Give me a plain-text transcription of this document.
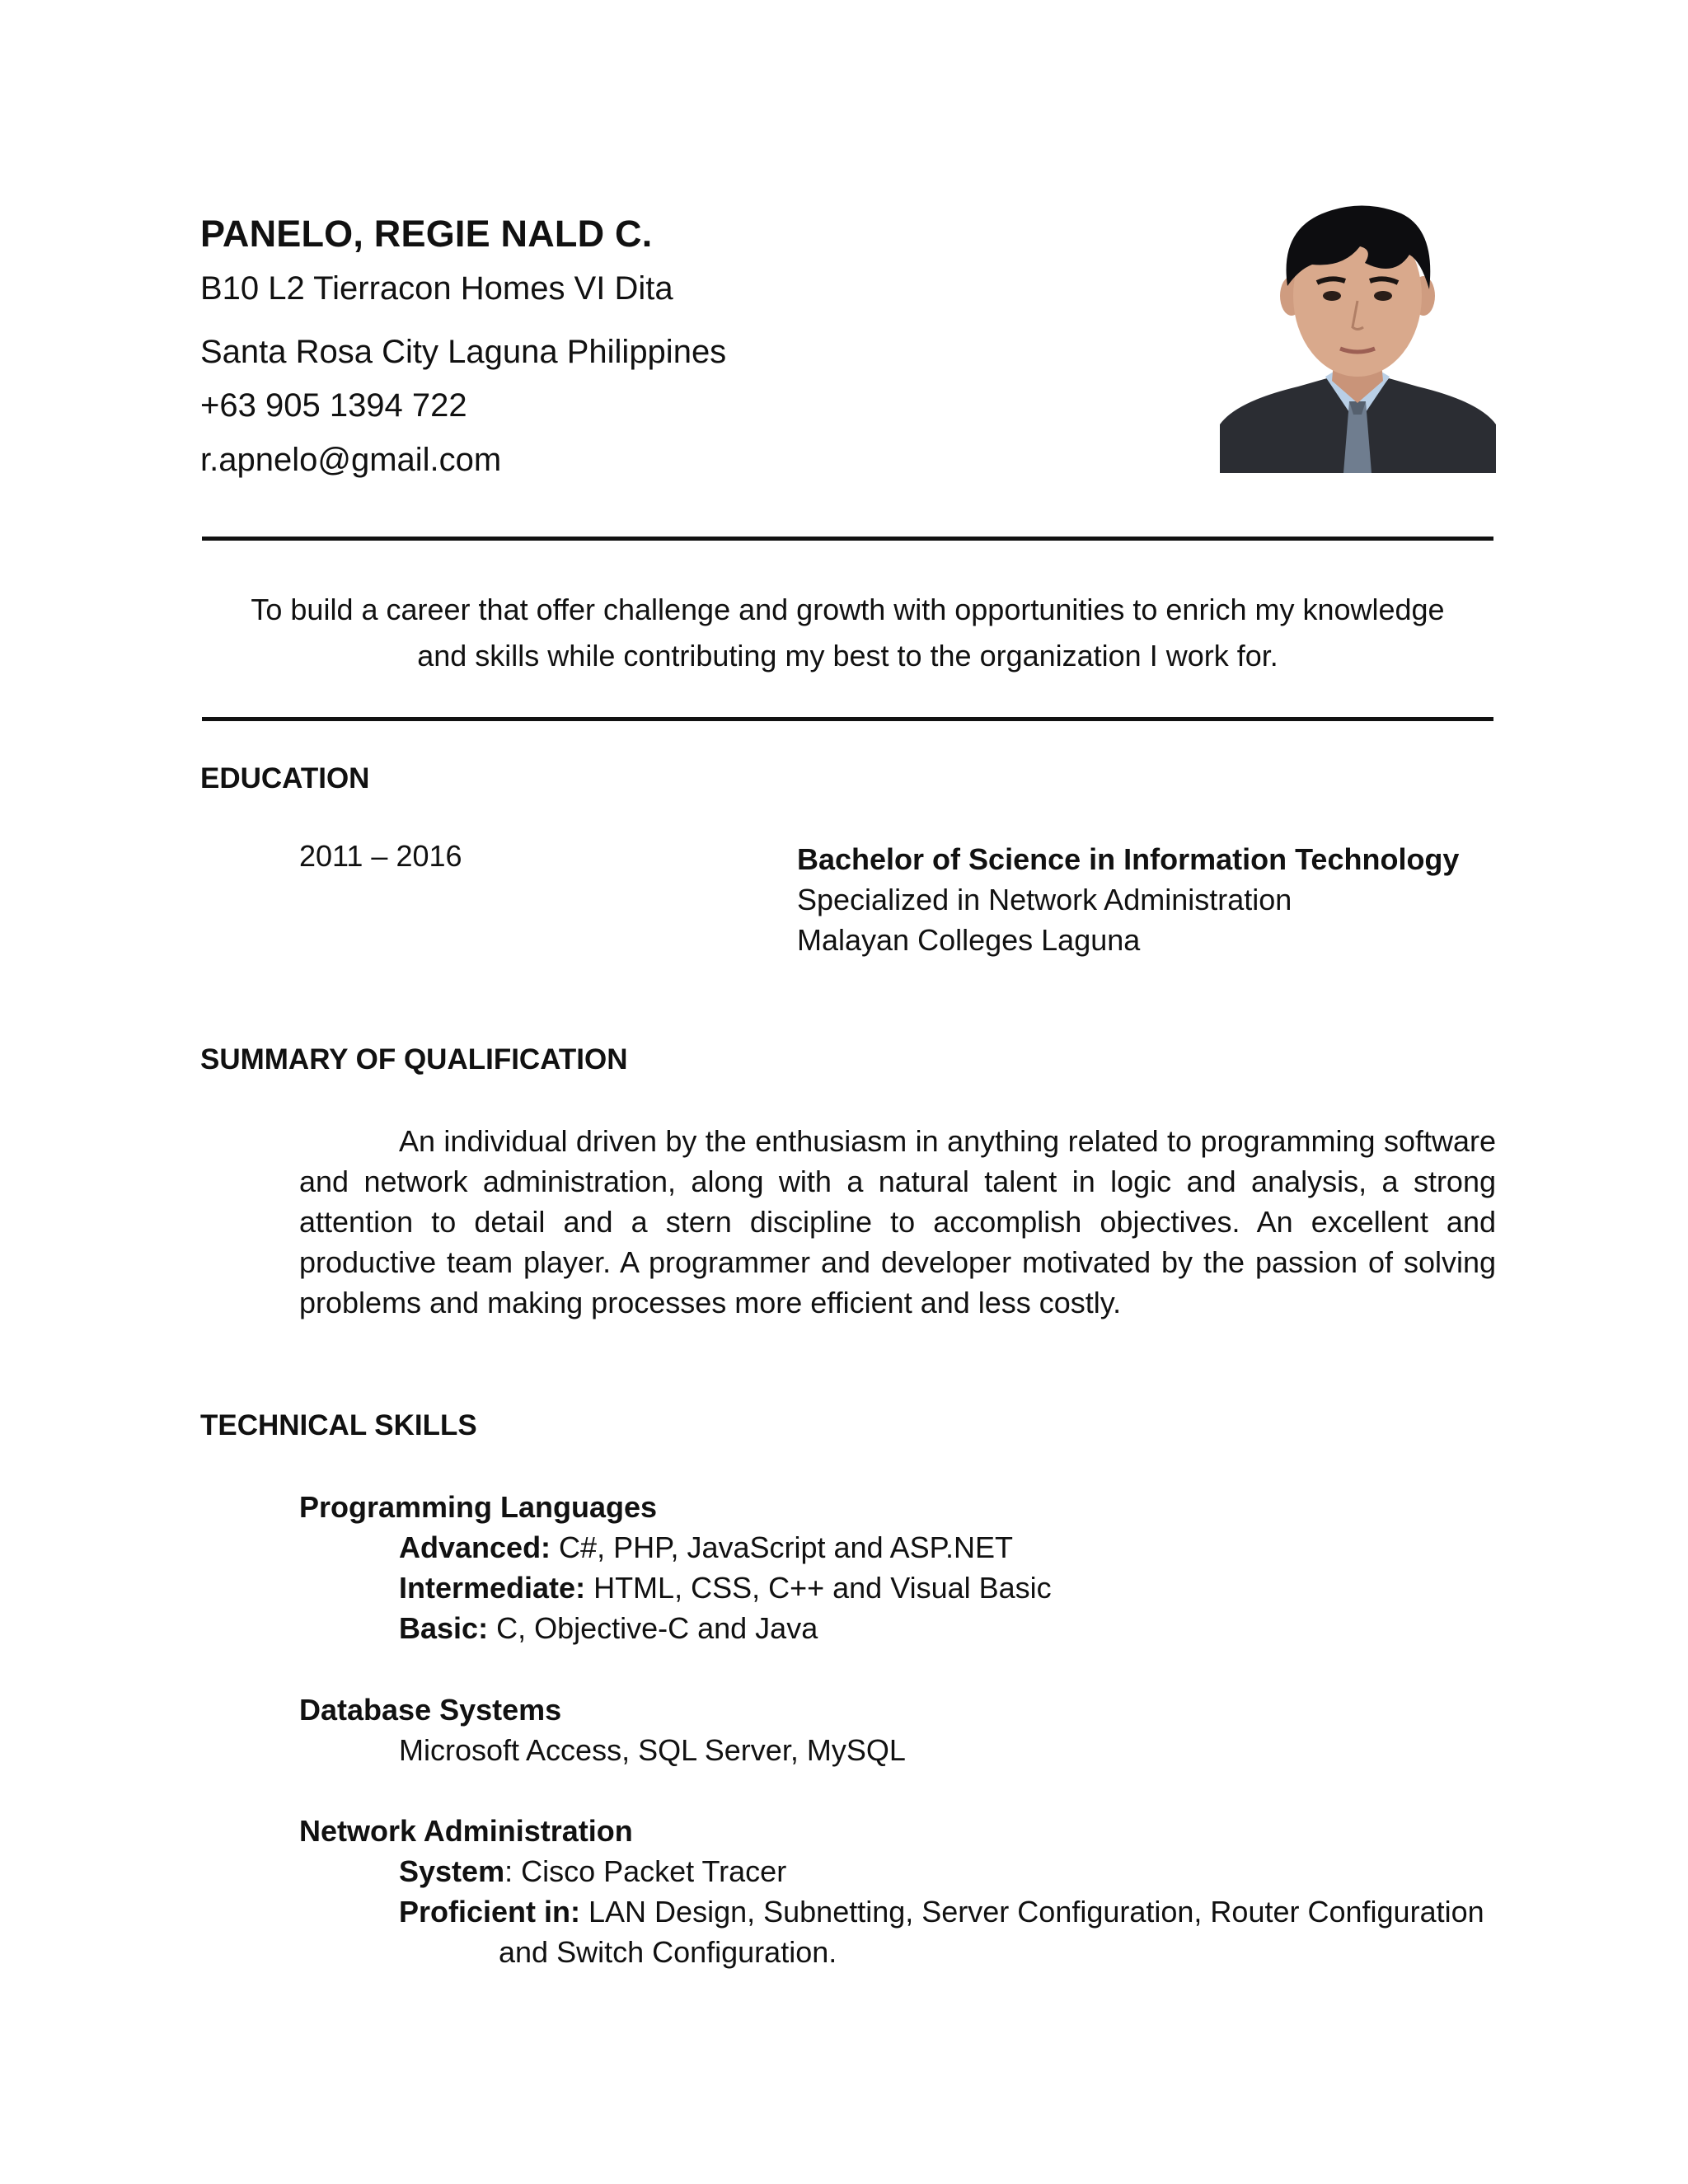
PANELO, REGIE NALD C.
B10 L2 Tierracon Homes VI Dita
Santa Rosa City Laguna Philippines
+63 905 1394 722
r.apnelo@gmail.com
To build a career that offer challenge and growth with opportunities to enrich my knowledge
and skills while contributing my best to the organization I work for.
EDUCATION
2011 – 2016	Bachelor of Science in Information Technology
Specialized in Network Administration
Malayan Colleges Laguna
SUMMARY OF QUALIFICATION
An individual driven by the enthusiasm in anything related to programming software and network administration, along with a natural talent in logic and analysis, a strong attention to detail and a stern discipline to accomplish objectives. An excellent and productive team player. A programmer and developer motivated by the passion of solving problems and making processes more efficient and less costly.
TECHNICAL SKILLS
Programming Languages
Advanced: C#, PHP, JavaScript and ASP.NET
Intermediate: HTML, CSS, C++ and Visual Basic
Basic: C, Objective-C and Java
Database Systems
Microsoft Access, SQL Server, MySQL
Network Administration
System: Cisco Packet Tracer
Proficient in: LAN Design, Subnetting, Server Configuration, Router Configuration
and Switch Configuration.
